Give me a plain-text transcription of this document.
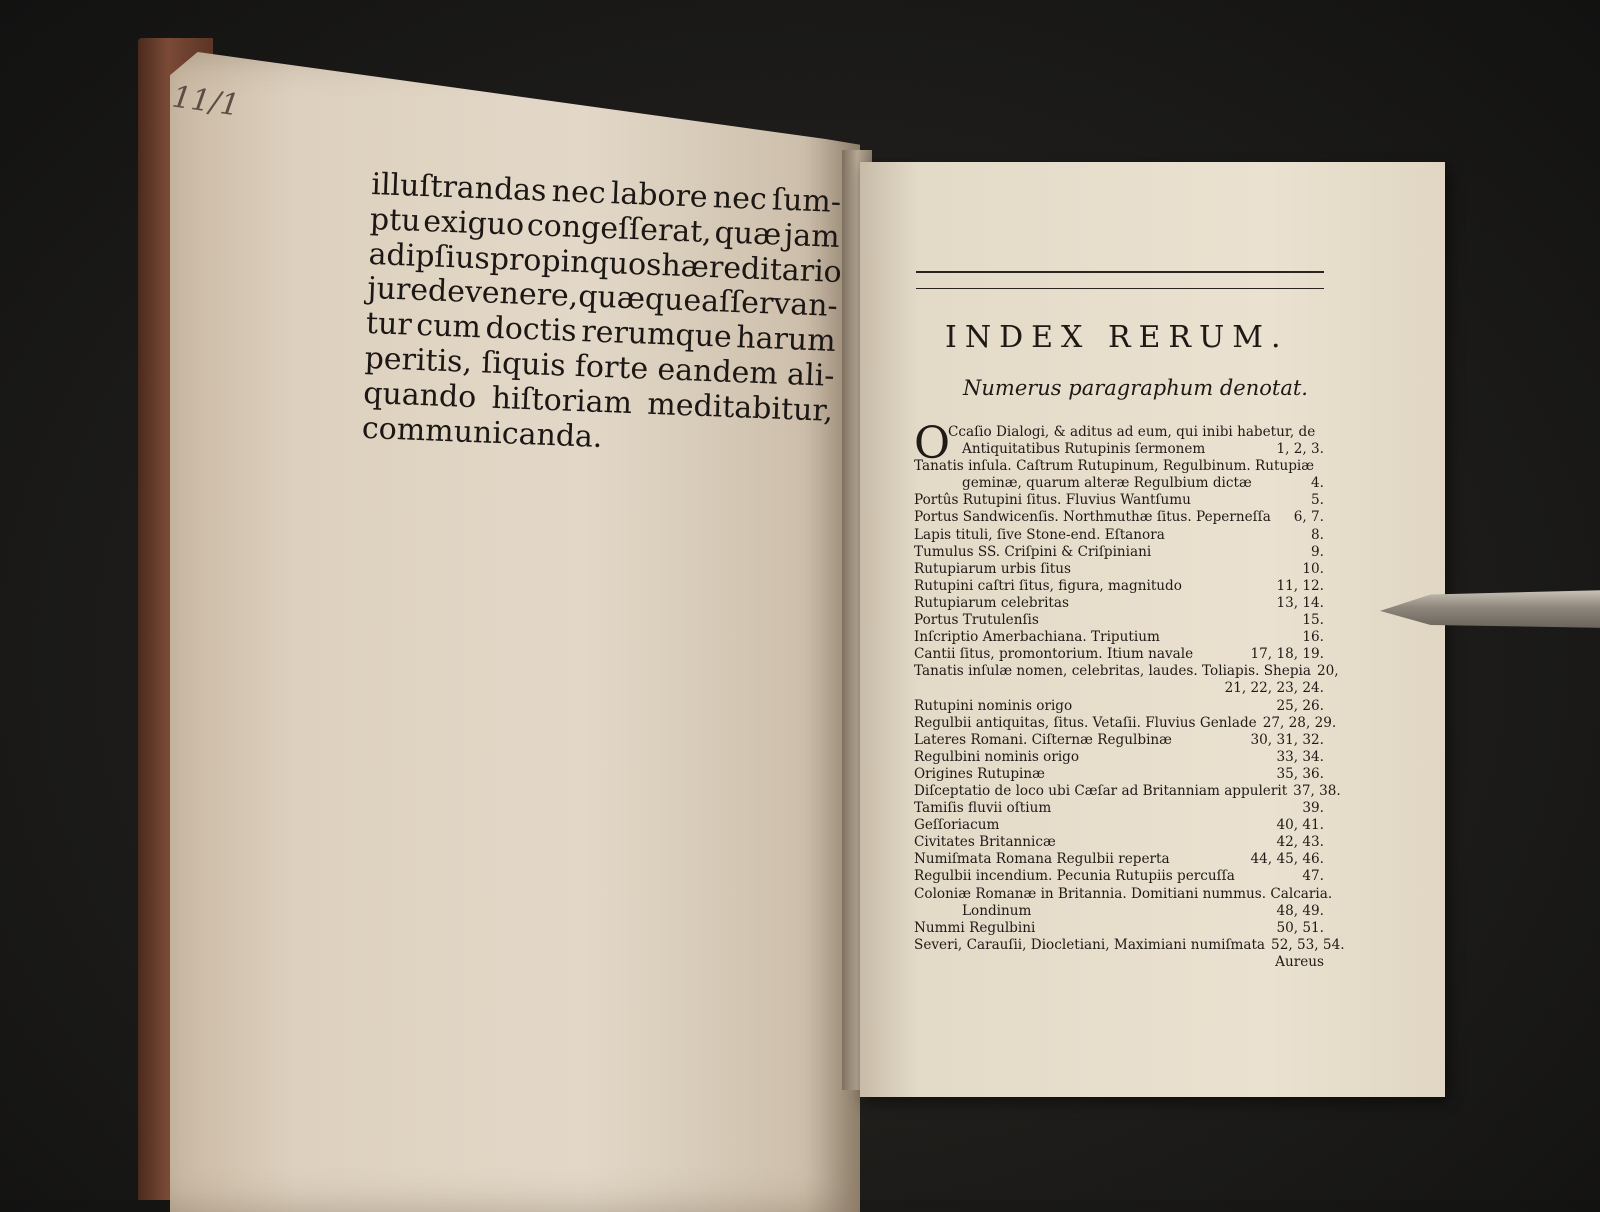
11/1
illuſtrandas nec labore nec ſum-
ptu exiguo congeſſerat, quæ jam
ad
ipſius
propinquos
hæreditario
jure
devenere,
quæque
aſſervan-
tur cum doctis rerumque harum
peritis, ſiquis forte eandem ali-
quando hiſtoriam meditabitur,
communicanda.
INDEX RERUM.
Numerus paragraphum denotat.
O
Ccaſio Dialogi, & aditus ad eum, qui inibi habetur, de
Antiquitatibus Rutupinis ſermonem	1, 2, 3.
Tanatis inſula. Caſtrum Rutupinum, Regulbinum. Rutupiæ
geminæ, quarum alteræ Regulbium dictæ	4.
Portûs Rutupini ſitus. Fluvius Wantſumu	5.
Portus Sandwicenſis. Northmuthæ ſitus. Peperneſſa	6, 7.
Lapis tituli, ſive Stone-end. Eſtanora	8.
Tumulus SS. Criſpini & Criſpiniani	9.
Rutupiarum urbis ſitus	10.
Rutupini caſtri ſitus, figura, magnitudo	11, 12.
Rutupiarum celebritas	13, 14.
Portus Trutulenſis	15.
Inſcriptio Amerbachiana. Triputium	16.
Cantii ſitus, promontorium. Itium navale	17, 18, 19.
Tanatis inſulæ nomen, celebritas, laudes. Toliapis. Shepia 20,
21, 22, 23, 24.
Rutupini nominis origo	25, 26.
Regulbii antiquitas, ſitus. Vetaſii. Fluvius Genlade 27, 28, 29.
Lateres Romani. Ciſternæ Regulbinæ	30, 31, 32.
Regulbini nominis origo	33, 34.
Origines Rutupinæ	35, 36.
Diſceptatio de loco ubi Cæſar ad Britanniam appulerit 37, 38.
Tamiſis fluvii oſtium	39.
Geſſoriacum	40, 41.
Civitates Britannicæ	42, 43.
Numiſmata Romana Regulbii reperta	44, 45, 46.
Regulbii incendium. Pecunia Rutupiis percuſſa	47.
Coloniæ Romanæ in Britannia. Domitiani nummus. Calcaria.
Londinum	48, 49.
Nummi Regulbini	50, 51.
Severi, Carauſii, Diocletiani, Maximiani numiſmata 52, 53, 54.
Aureus
